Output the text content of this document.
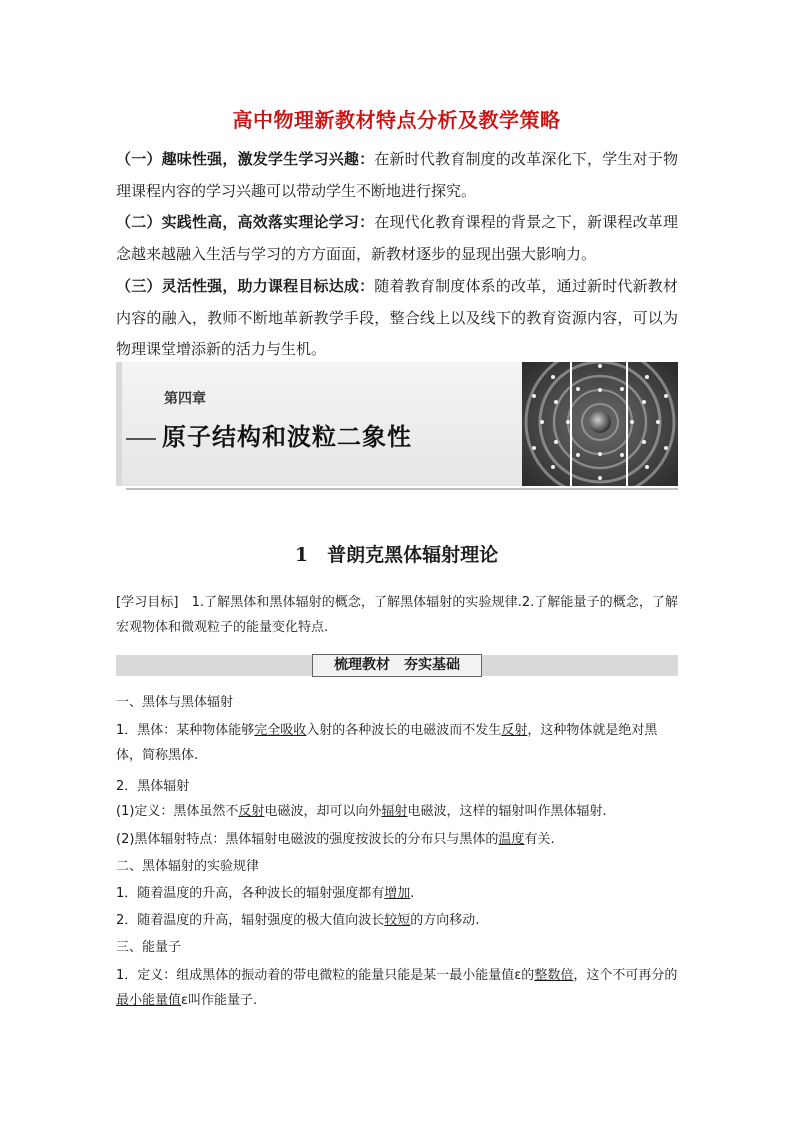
高中物理新教材特点分析及教学策略
（一）趣味性强，激发学生学习兴趣：在新时代教育制度的改革深化下，学生对于物理课程内容的学习兴趣可以带动学生不断地进行探究。
（二）实践性高，高效落实理论学习：在现代化教育课程的背景之下，新课程改革理念越来越融入生活与学习的方方面面，新教材逐步的显现出强大影响力。
（三）灵活性强，助力课程目标达成：随着教育制度体系的改革，通过新时代新教材内容的融入，教师不断地革新教学手段，整合线上以及线下的教育资源内容，可以为物理课堂增添新的活力与生机。
第四章
原子结构和波粒二象性
1　普朗克黑体辐射理论
[学习目标]　 1.了解黑体和黑体辐射的概念，了解黑体辐射的实验规律.2.了解能量子的概念，了解宏观物体和微观粒子的能量变化特点.
梳理教材　夯实基础
一、黑体与黑体辐射
1．黑体：某种物体能够完全吸收入射的各种波长的电磁波而不发生反射，这种物体就是绝对黑体，简称黑体.
2．黑体辐射
(1)定义：黑体虽然不反射电磁波，却可以向外辐射电磁波，这样的辐射叫作黑体辐射.
(2)黑体辐射特点：黑体辐射电磁波的强度按波长的分布只与黑体的温度有关.
二、黑体辐射的实验规律
1．随着温度的升高，各种波长的辐射强度都有增加.
2．随着温度的升高，辐射强度的极大值向波长较短的方向移动.
三、能量子
1．定义：组成黑体的振动着的带电微粒的能量只能是某一最小能量值ε的整数倍，这个不可再分的最小能量值ε叫作能量子.
